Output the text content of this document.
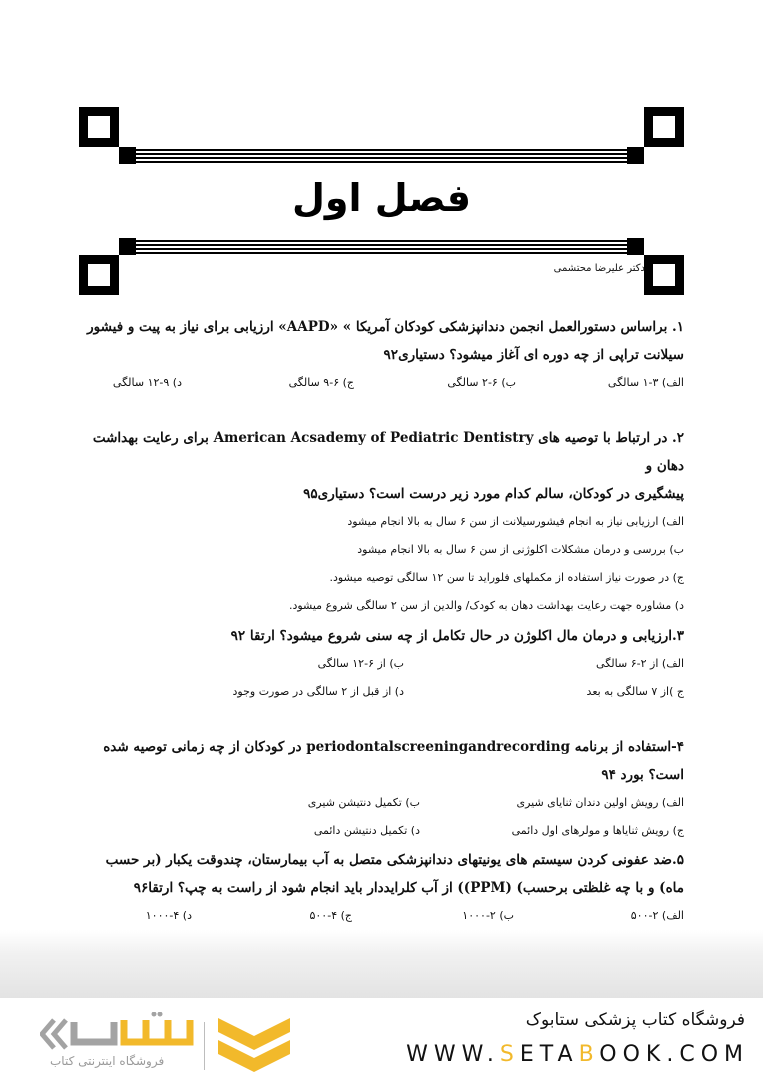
فصل اول
دکتر علیرضا محتشمی

۱. براساس دستورالعمل انجمن دندانپزشکی کودکان آمریکا » «AAPD» ارزیابی برای نیاز به پیت و فیشور

سیلانت تراپی از چه دوره ای آغاز میشود؟ دستیاری۹۲

الف) ۳-۱ سالگی
ب) ۶-۲ سالگی
ج) ۶-۹ سالگی
د) ۹-۱۲ سالگی

۲. در ارتباط با توصیه های American Acsademy of Pediatric Dentistry برای رعایت بهداشت دهان و

پیشگیری در کودکان، سالم کدام مورد زیر درست است؟ دستیاری۹۵

الف) ارزیابی نیاز به انجام فیشورسیلانت از سن ۶ سال به بالا انجام میشود
ب) بررسی و درمان مشکلات اکلوژنی از سن ۶ سال به بالا انجام میشود
ج) در صورت نیاز استفاده از مکملهای فلوراید تا سن ۱۲ سالگی توصیه میشود.
د) مشاوره جهت رعایت بهداشت دهان به کودک/ والدین از سن ۲ سالگی شروع میشود.

۳.ارزیابی و درمان مال اکلوژن در حال تکامل از چه سنی شروع میشود؟ ارتقا ۹۲

الف) از ۲-۶ سالگی
ب) از ۶-۱۲ سالگی
ج )از ۷ سالگی به بعد
د) از قبل از ۲ سالگی در صورت وجود

۴-استفاده از برنامه periodontalscreeningandrecording در کودکان از چه زمانی توصیه شده است؟ بورد ۹۴

الف) رویش اولین دندان ثنایای شیری
ب) تکمیل دنتیشن شیری
ج) رویش ثنایاها و مولرهای اول دائمی
د) تکمیل دنتیشن دائمی

۵.ضد عفونی کردن سیستم های یونیتهای دندانپزشکی متصل به آب بیمارستان، چندوقت یکبار (بر حسب

ماه) و با چه غلظتی برحسب) (PPM)) از آب کلرایددار باید انجام شود از راست به چپ؟ ارتقا۹۶

الف) ۲-۵۰۰
ب) ۲-۱۰۰۰
ج) ۴-۵۰۰
د) ۴-۱۰۰۰
فروشگاه کتاب پزشکی ستابوک
WWW.SETABOOK.COM
فروشگاه اینترنتی کتاب
